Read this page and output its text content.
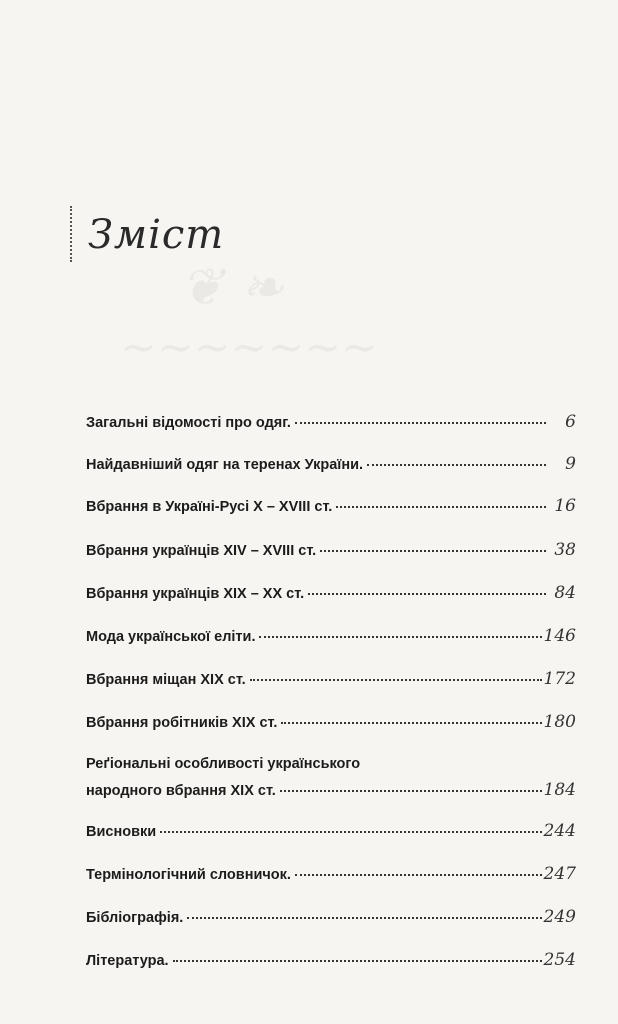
Зміст
Загальні відомості про одяг.	6
Найдавніший одяг на теренах України.	9
Вбрання в Україні-Русі X – XVIII ст.	16
Вбрання українців XIV – XVIII ст.	38
Вбрання українців XIX – XX ст.	84
Мода української еліти.	146
Вбрання міщан XIX ст.	172
Вбрання робітників XIX ст.	180
Реґіональні особливості українського
народного вбрання XIX ст.	184
Висновки	244
Термінологічний словничок.	247
Бібліографія.	249
Література.	254
